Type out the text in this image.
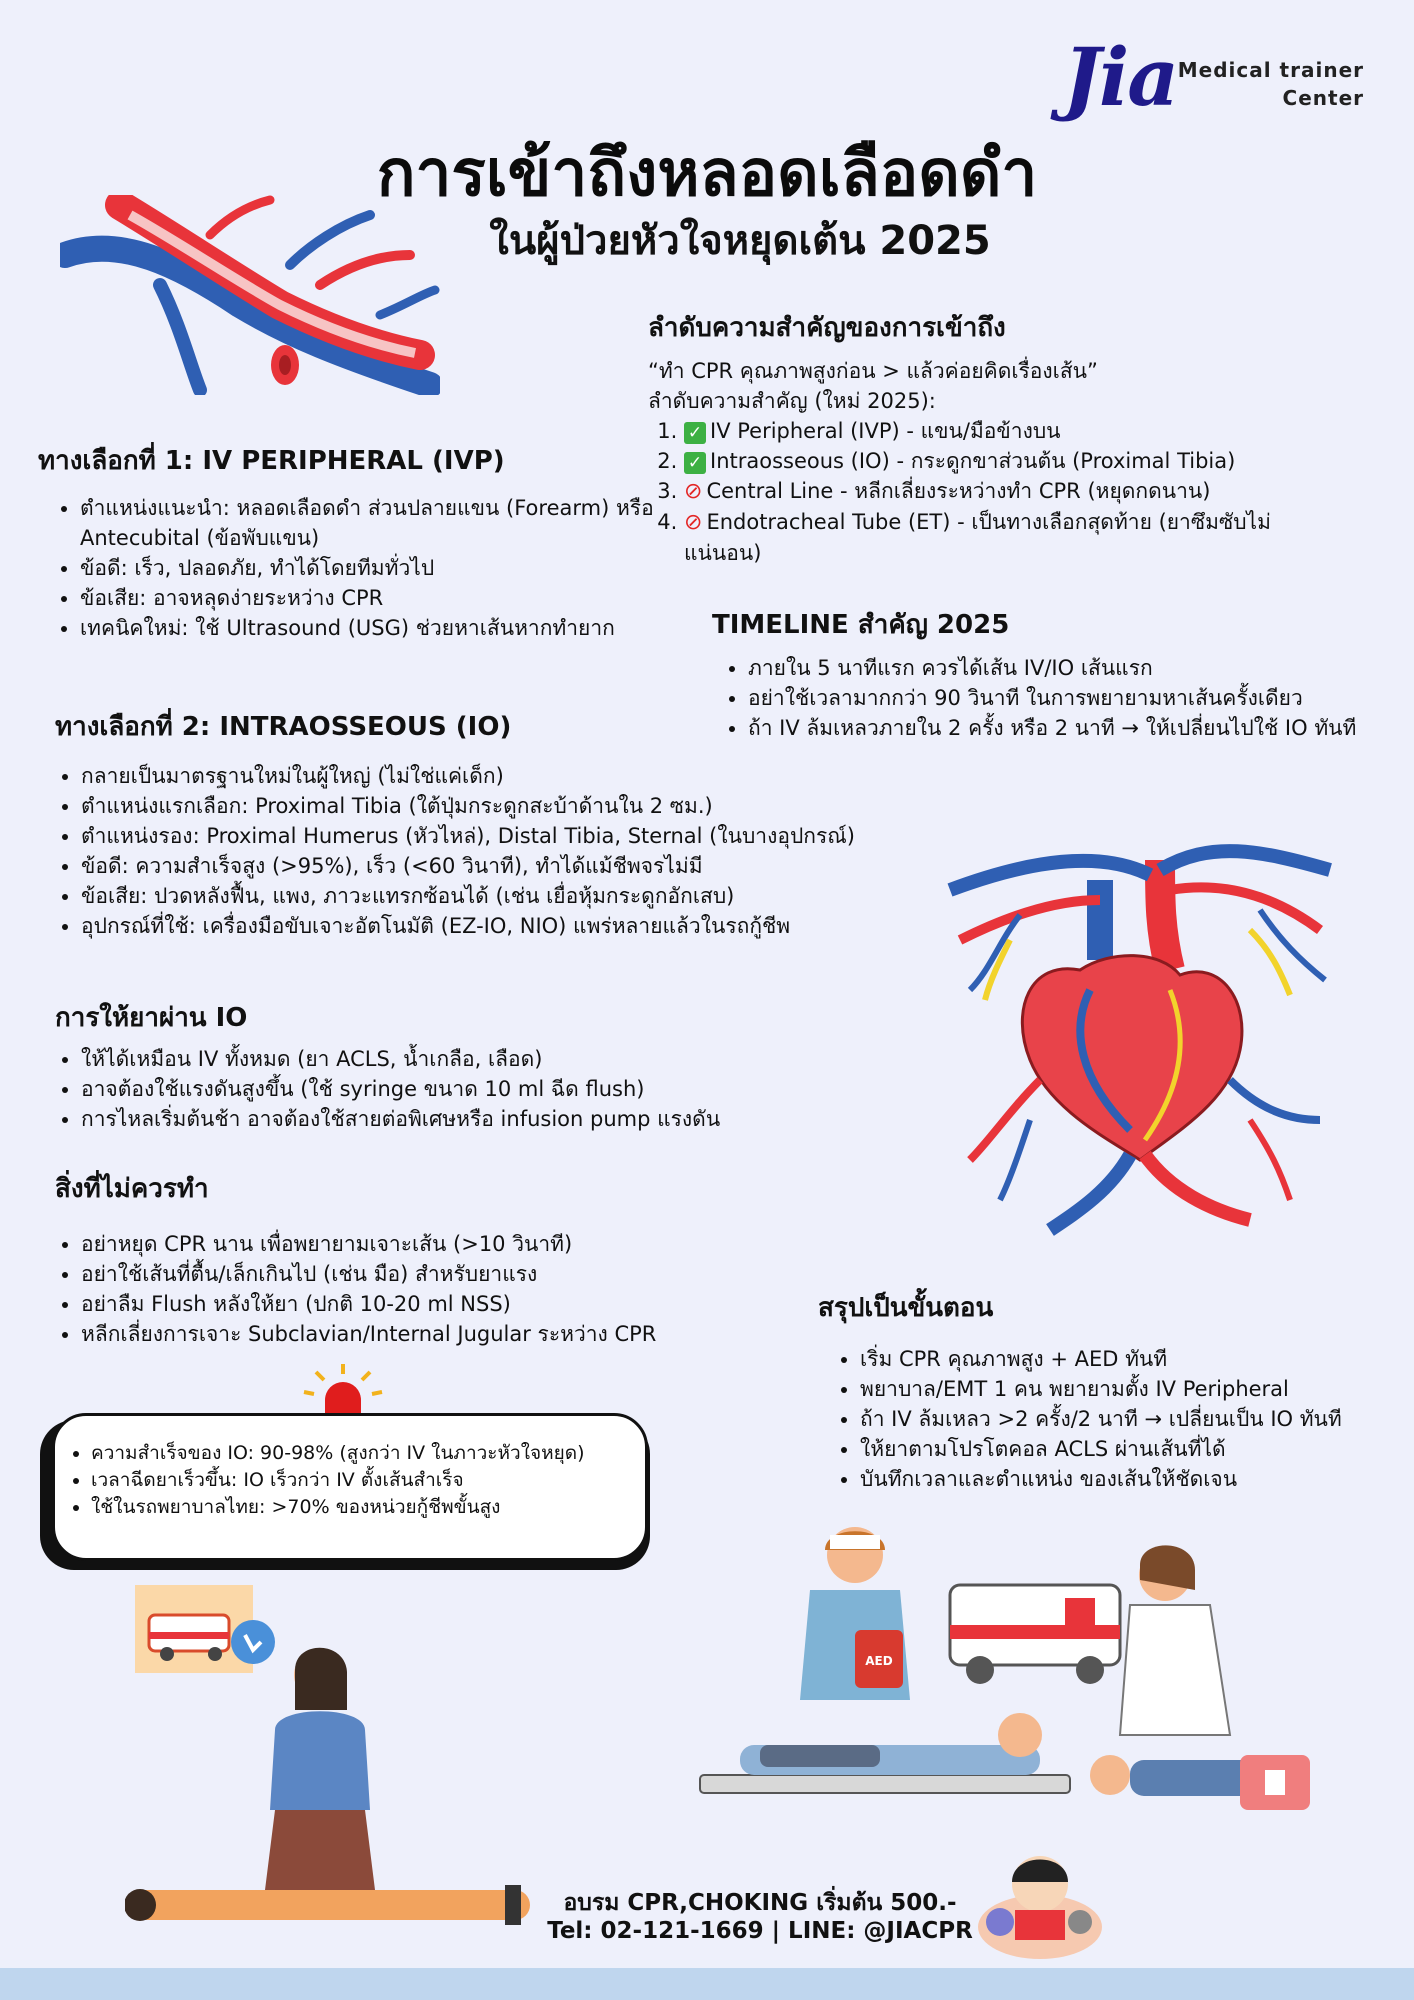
Jia Medical trainer
Center
การเข้าถึงหลอดเลือดดำ
ในผู้ป่วยหัวใจหยุดเต้น 2025
ลำดับความสำคัญของการเข้าถึง
“ทำ CPR คุณภาพสูงก่อน > แล้วค่อยคิดเรื่องเส้น”
ลำดับความสำคัญ (ใหม่ 2025):
1. ✓ IV Peripheral (IVP) - แขน/มือข้างบน
2. ✓ Intraosseous (IO) - กระดูกขาส่วนต้น (Proximal Tibia)
3. ⊘ Central Line - หลีกเลี่ยงระหว่างทำ CPR (หยุดกดนาน)
4. ⊘ Endotracheal Tube (ET) - เป็นทางเลือกสุดท้าย (ยาซึมซับไม่แน่นอน)
ทางเลือกที่ 1: IV PERIPHERAL (IVP)
• ตำแหน่งแนะนำ: หลอดเลือดดำ ส่วนปลายแขน (Forearm) หรือ Antecubital (ข้อพับแขน)
• ข้อดี: เร็ว, ปลอดภัย, ทำได้โดยทีมทั่วไป
• ข้อเสีย: อาจหลุดง่ายระหว่าง CPR
• เทคนิคใหม่: ใช้ Ultrasound (USG) ช่วยหาเส้นหากทำยาก	TIMELINE สำคัญ 2025
• ภายใน 5 นาทีแรก ควรได้เส้น IV/IO เส้นแรก
• อย่าใช้เวลามากกว่า 90 วินาที ในการพยายามหาเส้นครั้งเดียว
• ถ้า IV ล้มเหลวภายใน 2 ครั้ง หรือ 2 นาที → ให้เปลี่ยนไปใช้ IO ทันที
ทางเลือกที่ 2: INTRAOSSEOUS (IO)
• กลายเป็นมาตรฐานใหม่ในผู้ใหญ่ (ไม่ใช่แค่เด็ก)
• ตำแหน่งแรกเลือก: Proximal Tibia (ใต้ปุ่มกระดูกสะบ้าด้านใน 2 ซม.)
• ตำแหน่งรอง: Proximal Humerus (หัวไหล่), Distal Tibia, Sternal (ในบางอุปกรณ์)
• ข้อดี: ความสำเร็จสูง (>95%), เร็ว (<60 วินาที), ทำได้แม้ชีพจรไม่มี
• ข้อเสีย: ปวดหลังฟื้น, แพง, ภาวะแทรกซ้อนได้ (เช่น เยื่อหุ้มกระดูกอักเสบ)
• อุปกรณ์ที่ใช้: เครื่องมือขับเจาะอัตโนมัติ (EZ-IO, NIO) แพร่หลายแล้วในรถกู้ชีพ
การให้ยาผ่าน IO
• ให้ได้เหมือน IV ทั้งหมด (ยา ACLS, น้ำเกลือ, เลือด)
• อาจต้องใช้แรงดันสูงขึ้น (ใช้ syringe ขนาด 10 ml ฉีด flush)
• การไหลเริ่มต้นช้า อาจต้องใช้สายต่อพิเศษหรือ infusion pump แรงดัน
สิ่งที่ไม่ควรทำ
• อย่าหยุด CPR นาน เพื่อพยายามเจาะเส้น (>10 วินาที)
• อย่าใช้เส้นที่ตื้น/เล็กเกินไป (เช่น มือ) สำหรับยาแรง
• อย่าลืม Flush หลังให้ยา (ปกติ 10-20 ml NSS)
• หลีกเลี่ยงการเจาะ Subclavian/Internal Jugular ระหว่าง CPR
สรุปเป็นขั้นตอน
• เริ่ม CPR คุณภาพสูง + AED ทันที
• พยาบาล/EMT 1 คน พยายามตั้ง IV Peripheral
• ถ้า IV ล้มเหลว >2 ครั้ง/2 นาที → เปลี่ยนเป็น IO ทันที
• ให้ยาตามโปรโตคอล ACLS ผ่านเส้นที่ได้
• บันทึกเวลาและตำแหน่ง ของเส้นให้ชัดเจน
• ความสำเร็จของ IO: 90-98% (สูงกว่า IV ในภาวะหัวใจหยุด)
• เวลาฉีดยาเร็วขึ้น: IO เร็วกว่า IV ตั้งเส้นสำเร็จ
• ใช้ในรถพยาบาลไทย: >70% ของหน่วยกู้ชีพขั้นสูง
AED
อบรม CPR,CHOKING เริ่มต้น 500.-
Tel: 02-121-1669 | LINE: @JIACPR
